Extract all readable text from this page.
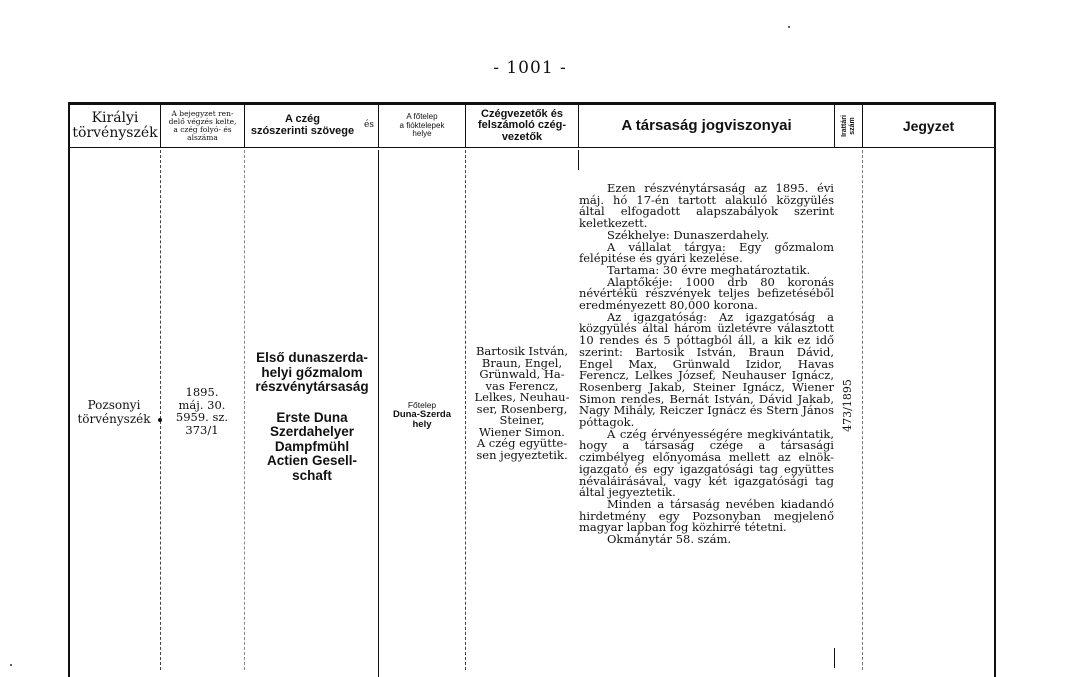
- 1001 -
Királyi
törvényszék
A bejegyzet ren-
delő végzés kelte,
a czég folyó- és
alszáma
A czég
szószerinti szövege és
A főtelep
a fióktelepek
helye
Czégvezetők és
felszámoló czég-
vezetők
A társaság jogviszonyai	Irattári szám	Jegyzet
Pozsonyi
törvényszék
1895.
máj. 30.
5959. sz.
373/1
Első dunaszerda-
helyi gőzmalom
részvénytársaság
Erste Duna
Szerdahelyer
Dampfmühl
Actien Gesell-
schaft
Főtelep
Duna-Szerda
hely
Bartosik István,
Braun, Engel,
Grünwald, Ha-
vas Ferencz,
Lelkes, Neuhau-
ser, Rosenberg,
Steiner,
Wiener Simon.
A czég együtte-
sen jegyeztetik.

Ezen részvénytársaság az 1895. évi máj. hó 17-én tartott alakuló közgyülés által elfogadott alapszabályok szerint keletkezett.

Székhelye: Dunaszerdahely.

A vállalat tárgya: Egy gőzmalom felépitése és gyári kezelése.

Tartama: 30 évre meghatároztatik.

Alaptőkéje: 1000 drb 80 koronás névértékü részvények teljes befizetéséből eredményezett 80,000 korona.

Az igazgatóság: Az igazgatóság a közgyülés által három üzletévre választott 10 rendes és 5 póttagból áll, a kik ez idő szerint: Bartosik István, Braun Dávid, Engel Max, Grünwald Izidor, Havas Ferencz, Lelkes József, Neuhauser Ignácz, Rosenberg Jakab, Steiner Ignácz, Wiener Simon rendes, Bernát István, Dávid Jakab, Nagy Mihály, Reiczer Ignácz és Stern János póttagok.

A czég érvényességére megkivántatik, hogy a társaság czége a társasági czimbélyeg előnyomása mellett az elnök-igazgató és egy igazgatósági tag együttes névaláirásával, vagy két igazgatósági tag által jegyeztetik.

Minden a társaság nevében kiadandó hirdetmény egy Pozsonyban megjelenő magyar lapban fog közhirré tétetni.

Okmánytár 58. szám.

473/1895
